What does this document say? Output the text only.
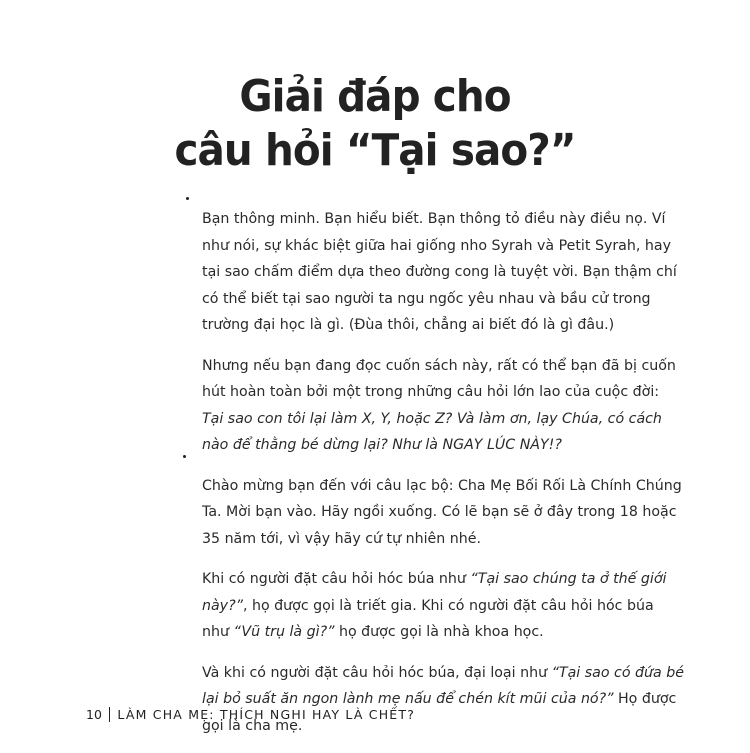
Giải đáp cho
câu hỏi “Tại sao?”

Bạn thông minh. Bạn hiểu biết. Bạn thông tỏ điều này điều nọ. Ví như nói, sự khác biệt giữa hai giống nho Syrah và Petit Syrah, hay tại sao chấm điểm dựa theo đường cong là tuyệt vời. Bạn thậm chí có thể biết tại sao người ta ngu ngốc yêu nhau và bầu cử trong trường đại học là gì. (Đùa thôi, chẳng ai biết đó là gì đâu.)

Nhưng nếu bạn đang đọc cuốn sách này, rất có thể bạn đã bị cuốn hút hoàn toàn bởi một trong những câu hỏi lớn lao của cuộc đời: Tại sao con tôi lại làm X, Y, hoặc Z? Và làm ơn, lạy Chúa, có cách nào để thằng bé dừng lại? Như là NGAY LÚC NÀY!?

Chào mừng bạn đến với câu lạc bộ: Cha Mẹ Bối Rối Là Chính Chúng Ta. Mời bạn vào. Hãy ngồi xuống. Có lẽ bạn sẽ ở đây trong 18 hoặc 35 năm tới, vì vậy hãy cứ tự nhiên nhé.

Khi có người đặt câu hỏi hóc búa như “Tại sao chúng ta ở thế giới này?”, họ được gọi là triết gia. Khi có người đặt câu hỏi hóc búa như “Vũ trụ là gì?” họ được gọi là nhà khoa học.

Và khi có người đặt câu hỏi hóc búa, đại loại như “Tại sao có đứa bé lại bỏ suất ăn ngon lành mẹ nấu để chén kít mũi của nó?” Họ được gọi là cha mẹ.

10 LÀM CHA MẸ: THÍCH NGHI HAY LÀ CHẾT?
